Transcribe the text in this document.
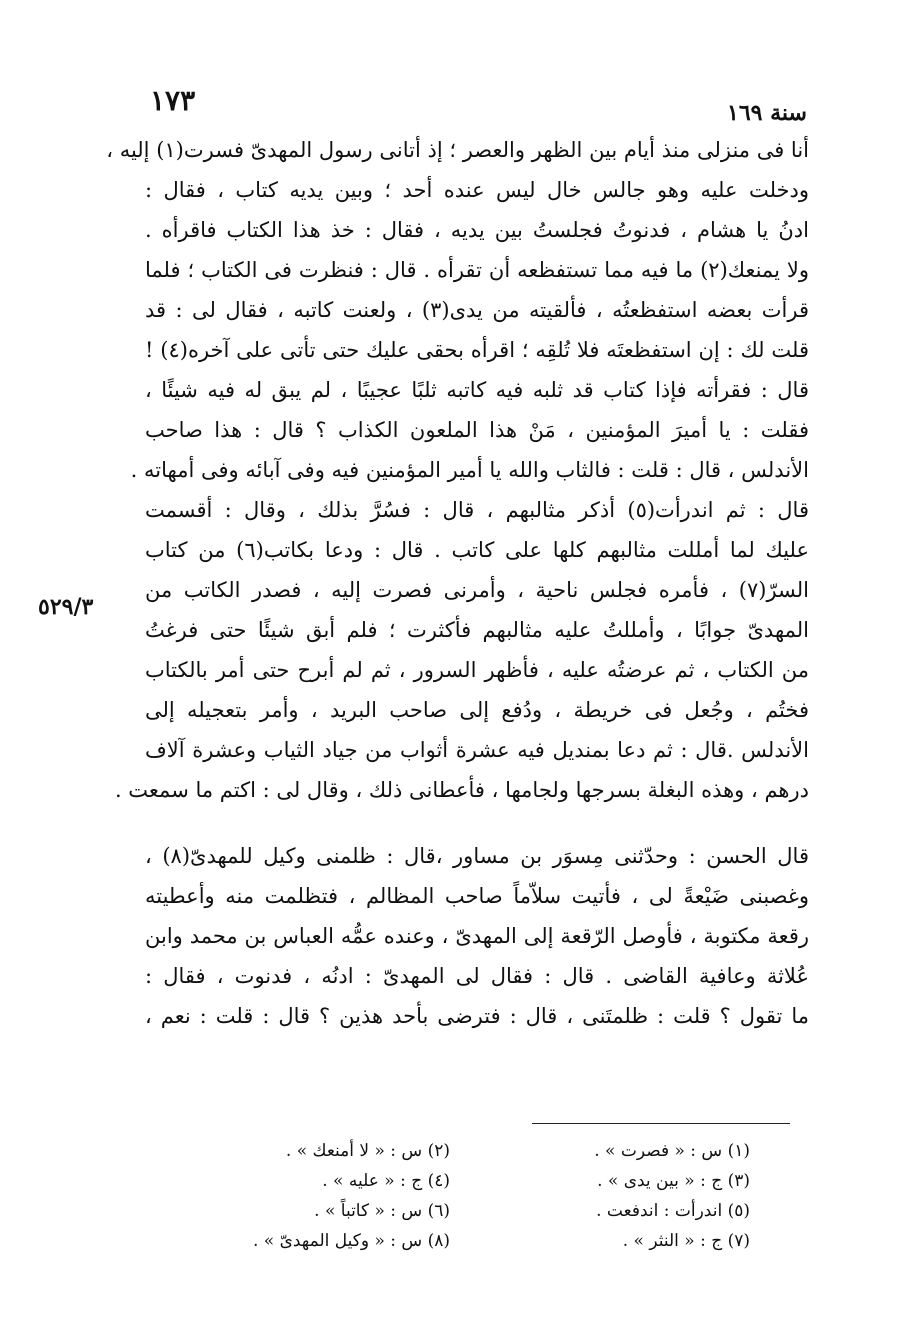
١٧٣	سنة ١٦٩
٥٢٩/٣
أنا فى منزلى منذ أيام بين الظهر والعصر ؛ إذ أتانى رسول المهدىّ فسرت(١) إليه ،
ودخلت عليه وهو جالس خال ليس عنده أحد ؛ وبين يديه كتاب ، فقال :
ادنُ يا هشام ، فدنوتُ فجلستُ بين يديه ، فقال : خذ هذا الكتاب فاقرأه .
ولا يمنعك(٢) ما فيه مما تستفظعه أن تقرأه . قال : فنظرت فى الكتاب ؛ فلما
قرأت بعضه استفظعتُه ، فألقيته من يدى(٣) ، ولعنت كاتبه ، فقال لى : قد
قلت لك : إن استفظعتَه فلا تُلقِه ؛ اقرأه بحقى عليك حتى تأتى على آخره(٤) !
قال : فقرأته فإذا كتاب قد ثلبه فيه كاتبه ثلبًا عجيبًا ، لم يبق له فيه شيئًا ،
فقلت : يا أميرَ المؤمنين ، مَنْ هذا الملعون الكذاب ؟ قال : هذا صاحب
الأندلس ، قال : قلت : فالثاب والله يا أمير المؤمنين فيه وفى آبائه وفى أمهاته .
قال : ثم اندرأت(٥) أذكر مثالبهم ، قال : فسُرَّ بذلك ، وقال : أقسمت
عليك لما أمللت مثالبهم كلها على كاتب . قال : ودعا بكاتب(٦) من كتاب
السرّ(٧) ، فأمره فجلس ناحية ، وأمرنى فصرت إليه ، فصدر الكاتب من
المهدىّ جوابًا ، وأمللتُ عليه مثالبهم فأكثرت ؛ فلم أبق شيئًا حتى فرغتُ
من الكتاب ، ثم عرضتُه عليه ، فأظهر السرور ، ثم لم أبرح حتى أمر بالكتاب
فختُم ، وجُعل فى خريطة ، ودُفع إلى صاحب البريد ، وأمر بتعجيله إلى
الأندلس .قال : ثم دعا بمنديل فيه عشرة أثواب من جياد الثياب وعشرة آلاف
درهم ، وهذه البغلة بسرجها ولجامها ، فأعطانى ذلك ، وقال لى : اكتم ما سمعت .
قال الحسن : وحدّثنى مِسوَر بن مساور ،قال : ظلمنى وكيل للمهدىّ(٨) ،
وغصبنى ضَيْعةً لى ، فأتيت سلاّماً صاحب المظالم ، فتظلمت منه وأعطيته
رقعة مكتوبة ، فأوصل الرّقعة إلى المهدىّ ، وعنده عمُّه العباس بن محمد وابن
عُلاثة وعافية القاضى . قال : فقال لى المهدىّ : ادنُه ، فدنوت ، فقال :
ما تقول ؟ قلت : ظلمتَنى ، قال : فترضى بأحد هذين ؟ قال : قلت : نعم ،
(١) س : « فصرت » .
(٢) س : « لا أمنعك » .
(٣) ج : « بين يدى » .
(٤) ج : « عليه » .
(٥) اندرأت : اندفعت .
(٦) س : « كاتباً » .
(٧) ج : « النثر » .
(٨) س : « وكيل المهدىّ » .
